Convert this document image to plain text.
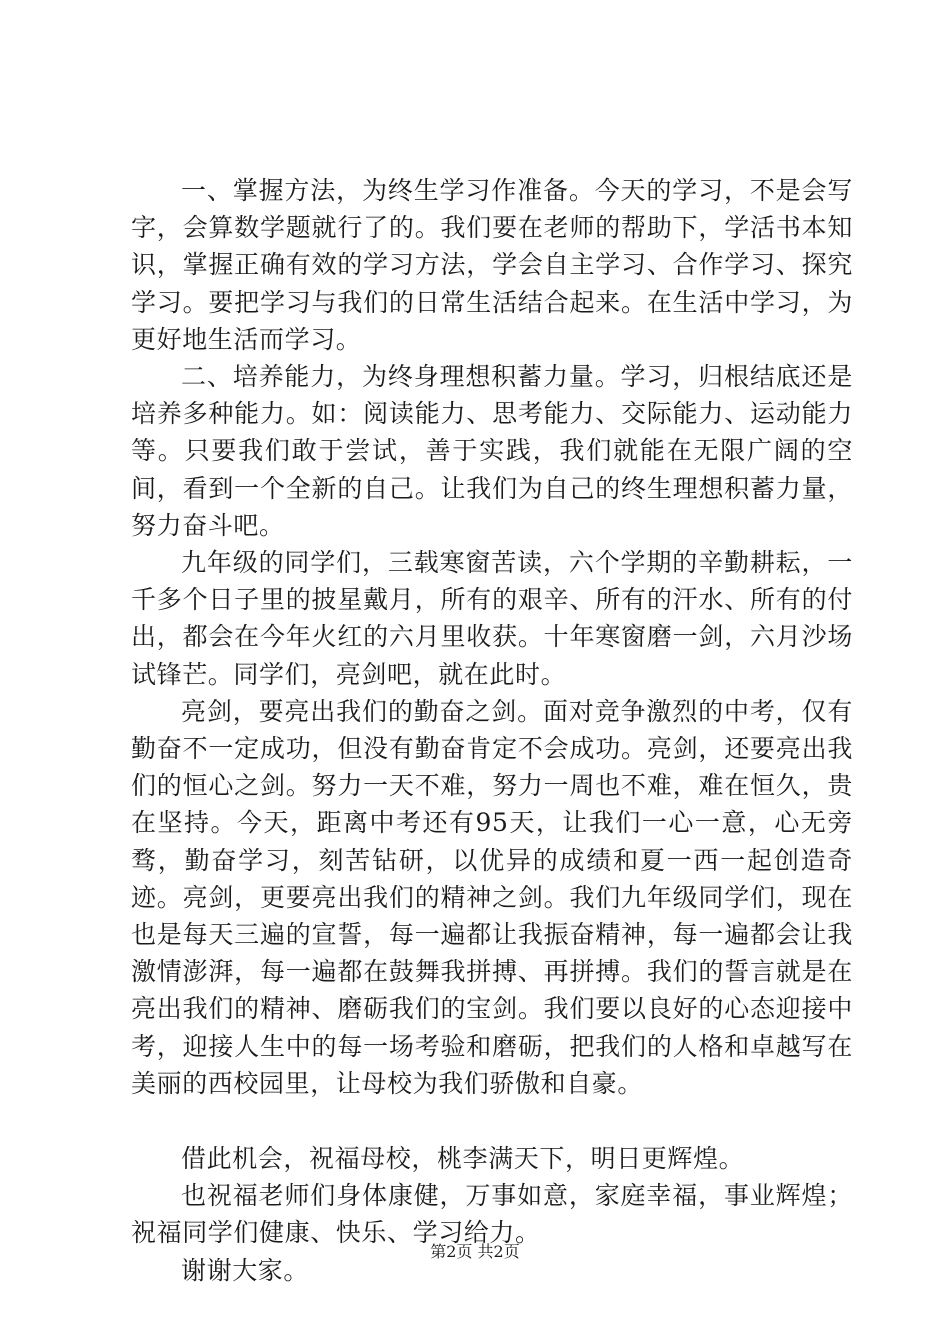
一、掌握方法，为终生学习作准备。今天的学习，不是会写字，会算数学题就行了的。我们要在老师的帮助下，学活书本知识，掌握正确有效的学习方法，学会自主学习、合作学习、探究学习。要把学习与我们的日常生活结合起来。在生活中学习，为更好地生活而学习。

二、培养能力，为终身理想积蓄力量。学习，归根结底还是培养多种能力。如：阅读能力、思考能力、交际能力、运动能力等。只要我们敢于尝试，善于实践，我们就能在无限广阔的空间，看到一个全新的自己。让我们为自己的终生理想积蓄力量，努力奋斗吧。

九年级的同学们，三载寒窗苦读，六个学期的辛勤耕耘，一千多个日子里的披星戴月，所有的艰辛、所有的汗水、所有的付出，都会在今年火红的六月里收获。十年寒窗磨一剑，六月沙场试锋芒。同学们，亮剑吧，就在此时。

亮剑，要亮出我们的勤奋之剑。面对竞争激烈的中考，仅有勤奋不一定成功，但没有勤奋肯定不会成功。亮剑，还要亮出我们的恒心之剑。努力一天不难，努力一周也不难，难在恒久，贵在坚持。今天，距离中考还有95天，让我们一心一意，心无旁骛，勤奋学习，刻苦钻研，以优异的成绩和夏一西一起创造奇迹。亮剑，更要亮出我们的精神之剑。我们九年级同学们，现在也是每天三遍的宣誓，每一遍都让我振奋精神，每一遍都会让我激情澎湃，每一遍都在鼓舞我拼搏、再拼搏。我们的誓言就是在亮出我们的精神、磨砺我们的宝剑。我们要以良好的心态迎接中考，迎接人生中的每一场考验和磨砺，把我们的人格和卓越写在美丽的西校园里，让母校为我们骄傲和自豪。

借此机会，祝福母校，桃李满天下，明日更辉煌。

也祝福老师们身体康健，万事如意，家庭幸福，事业辉煌；祝福同学们健康、快乐、学习给力。

谢谢大家。

第2页 共2页
